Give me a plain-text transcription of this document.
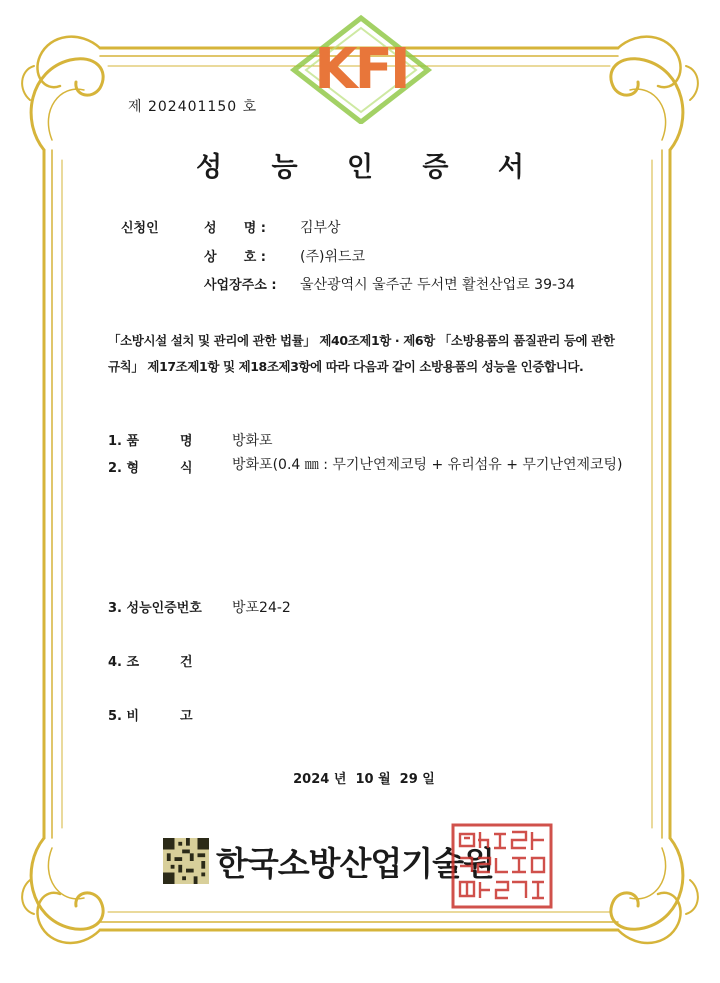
KFI
제 202401150 호
성 능 인 증 서
신청인	성      명 :	김부상
상      호 :	(주)위드코
사업장주소 :	울산광역시 울주군 두서면 활천산업로 39-34
「소방시설 설치 및 관리에 관한 법률」 제40조제1항 · 제6항 「소방용품의 품질관리 등에 관한 규칙」 제17조제1항 및 제18조제3항에 따라 다음과 같이 소방용품의 성능을 인증합니다.
1. 품	명	방화포
2. 형	식	방화포(0.4 ㎜ : 무기난연제코팅 + 유리섬유 + 무기난연제코팅)
3. 성능인증번호 방포24-2
4. 조	건
5. 비	고
2024 년  10 월  29 일
한국소방산업기술원
